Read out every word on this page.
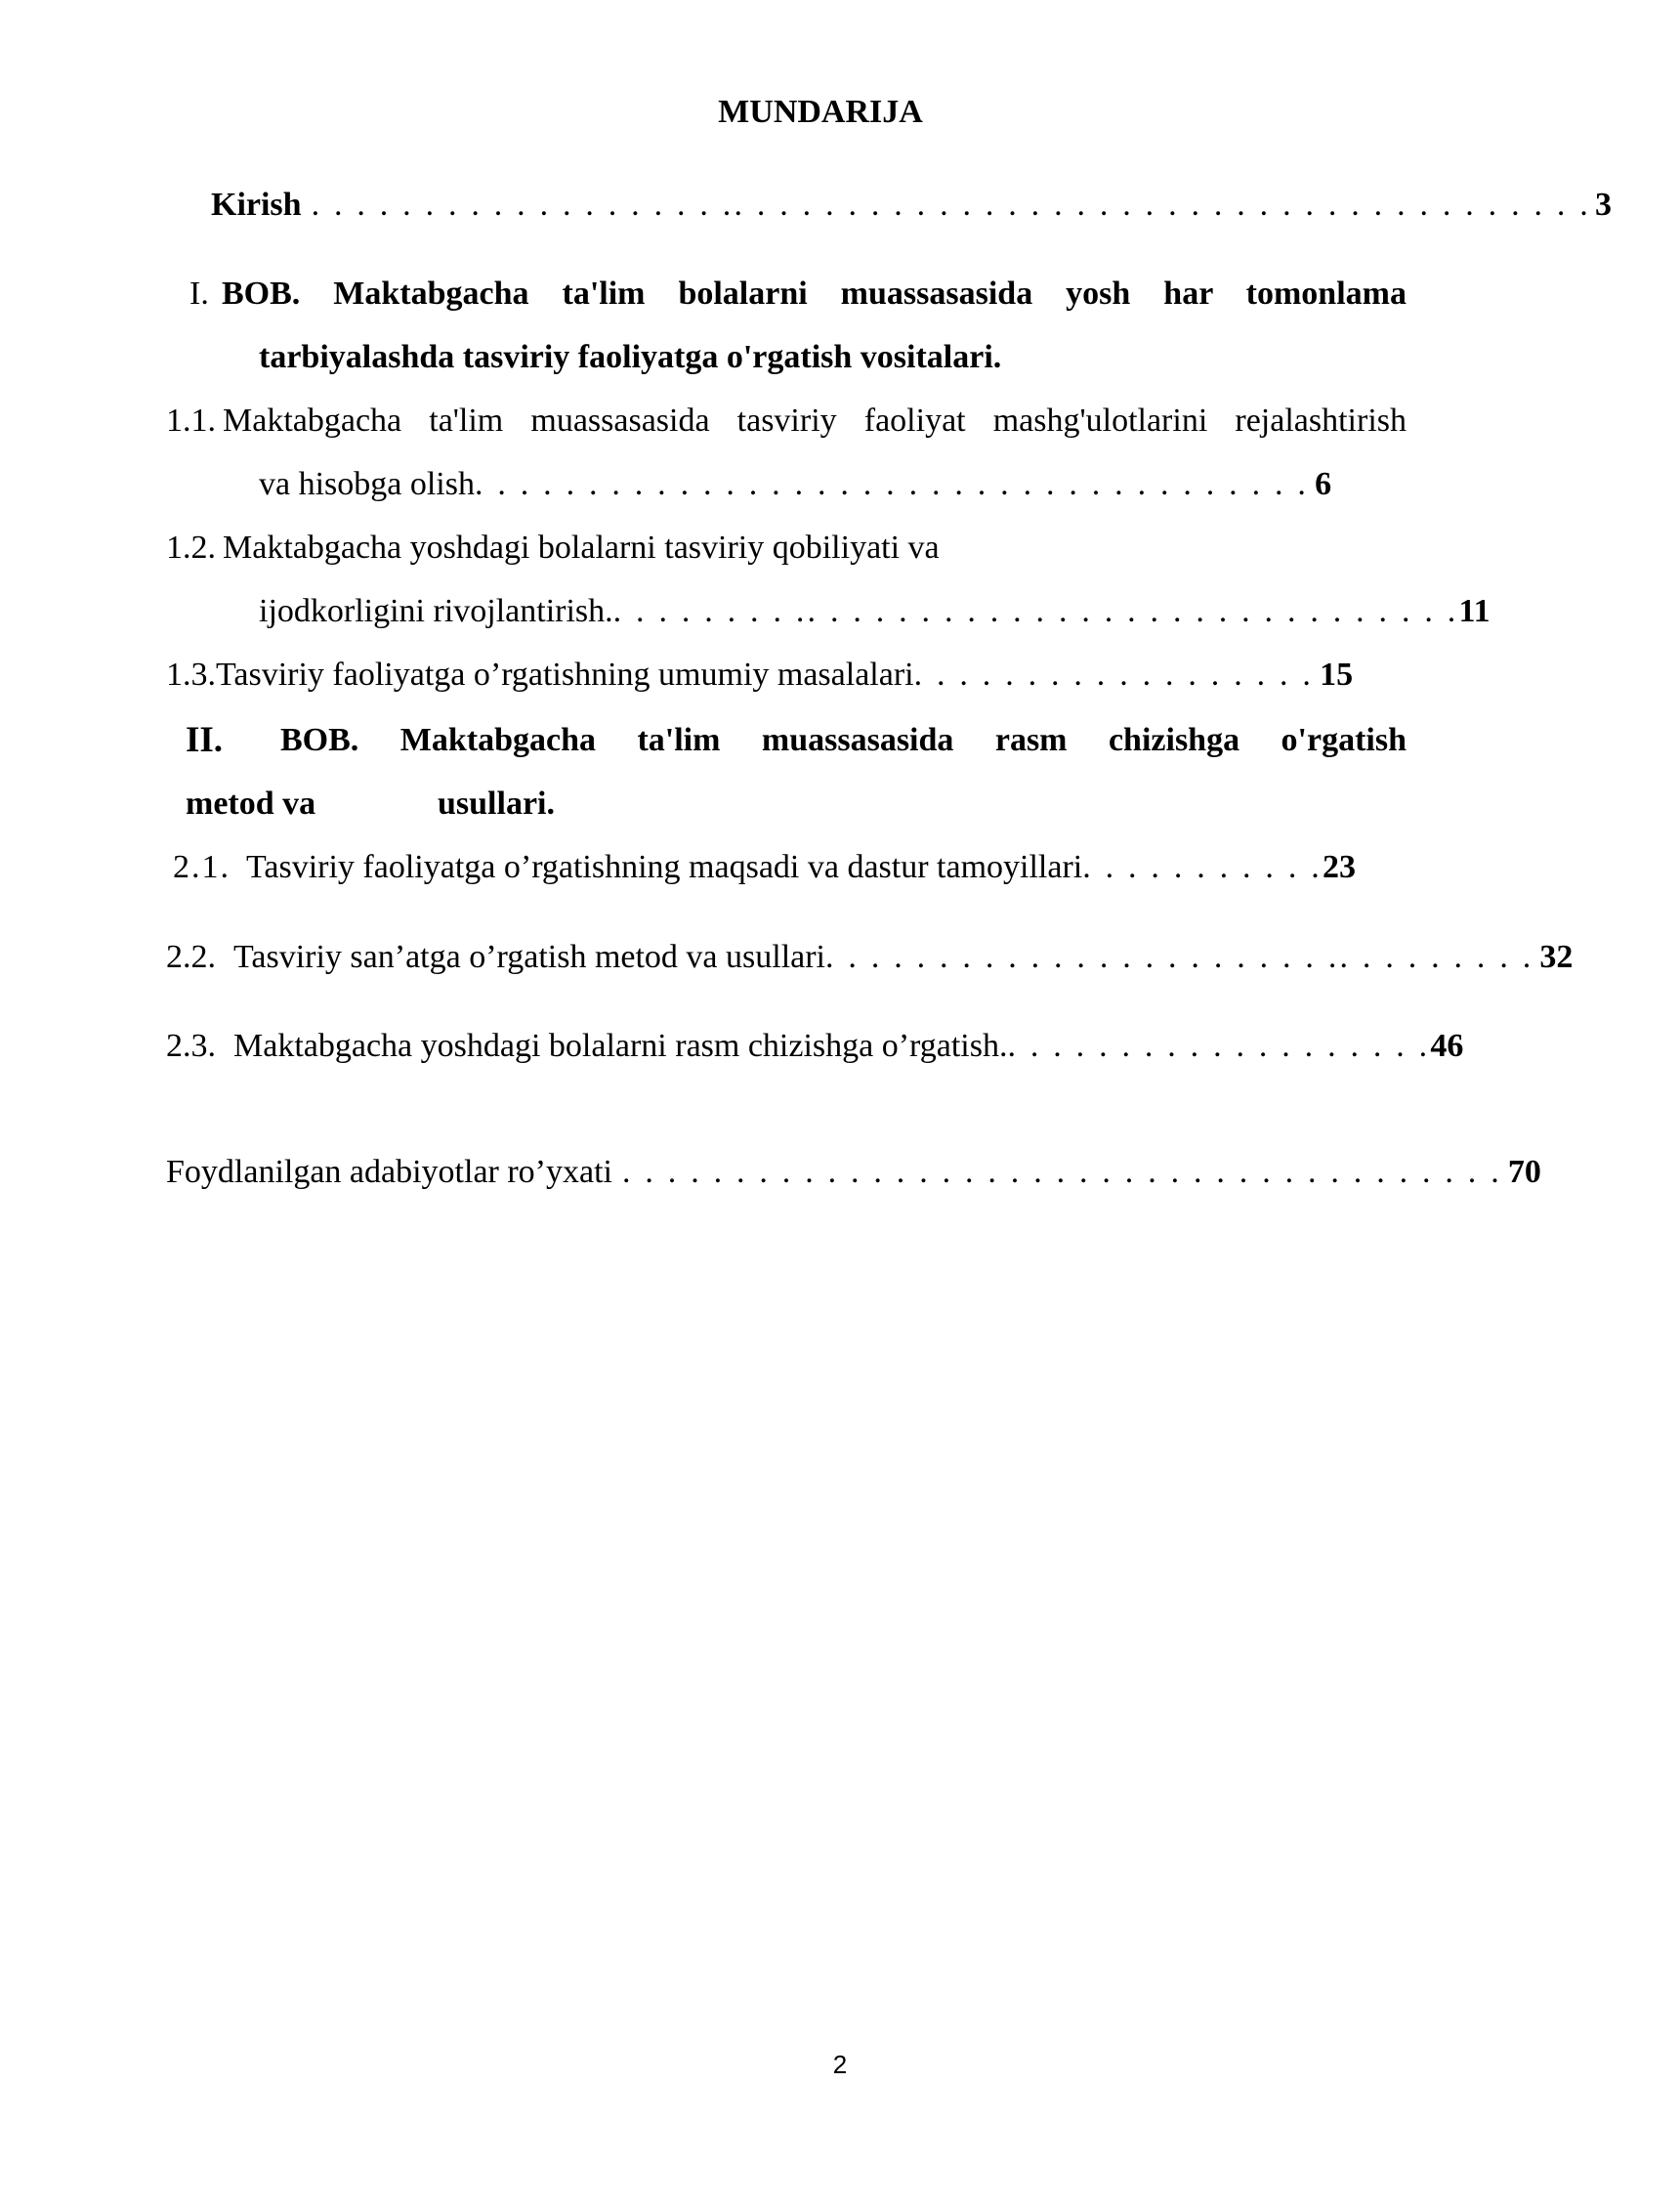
MUNDARIJA
Kirish . . . . . . . . . . . . . . . . . . .. . . . . . . . . . . . . . . . . . . . . . . . . . . . . . . . . . . . . . 3
I. BOB. Maktabgacha ta'lim bolalarni muassasasida yosh har tomonlama
tarbiyalashda tasviriy faoliyatga o'rgatish vositalari.
1.1. Maktabgacha ta'lim muassasasida tasviriy faoliyat mashg'ulotlarini rejalashtirish
va hisobga olish . . . . . . . . . . . . . . . . . . . . . . . . . . . . . . . . . . . . . 6
1.2. Maktabgacha yoshdagi bolalarni tasviriy qobiliyati va
ijodkorligini rivojlantirish. . . . . . . . . .. . . . . . . . . . . . . . . . . . . . . . . . . . . . . 11
1.3. Tasviriy faoliyatga o’rgatishning umumiy masalalari . . . . . . . . . . . . . . . . . . 15
II. BOB. Maktabgacha ta'lim muassasasida rasm chizishga o'rgatish
metod va	usullari.
2.1. Tasviriy faoliyatga o’rgatishning maqsadi va dastur tamoyillari . . . . . . . . . . . 23
2.2. Tasviriy san’atga o’rgatish metod va usullari . . . . . . . . . . . . . . . . . . . . . . .. . . . . . . . . 32
2.3. Maktabgacha yoshdagi bolalarni rasm chizishga o’rgatish. . . . . . . . . . . . . . . . . . . . 46
Foydlanilgan adabiyotlar ro’yxati . . . . . . . . . . . . . . . . . . . . . . . . . . . . . . . . . . . . . . . 70
2
